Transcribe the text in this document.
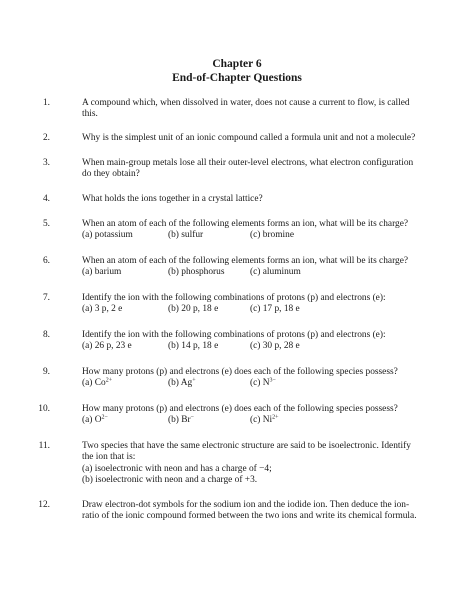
Chapter 6
End-of-Chapter Questions
1.	A compound which, when dissolved in water, does not cause a current to flow, is called
this.
2.	Why is the simplest unit of an ionic compound called a formula unit and not a molecule?
3.	When main-group metals lose all their outer-level electrons, what electron configuration
do they obtain?
4.	What holds the ions together in a crystal lattice?
5.	When an atom of each of the following elements forms an ion, what will be its charge?
(a) potassium	(b) sulfur	(c) bromine
6.	When an atom of each of the following elements forms an ion, what will be its charge?
(a) barium	(b) phosphorus	(c) aluminum
7.	Identify the ion with the following combinations of protons (p) and electrons (e):
(a) 3 p, 2 e	(b) 20 p, 18 e	(c) 17 p, 18 e
8.	Identify the ion with the following combinations of protons (p) and electrons (e):
(a) 26 p, 23 e	(b) 14 p, 18 e	(c) 30 p, 28 e
9.	How many protons (p) and electrons (e) does each of the following species possess?
(a) $Co^{2+}$	(b) Ag+	(c) $N^{3-}$
10.	How many protons (p) and electrons (e) does each of the following species possess?
(a) $O^{2-}$	(b) Br−	(c) $Ni^{2+}$
11.	Two species that have the same electronic structure are said to be isoelectronic. Identify
the ion that is:
(a) isoelectronic with neon and has a charge of −4;
(b) isoelectronic with neon and a charge of +3.
12.	Draw electron-dot symbols for the sodium ion and the iodide ion. Then deduce the ion-
ratio of the ionic compound formed between the two ions and write its chemical formula.
